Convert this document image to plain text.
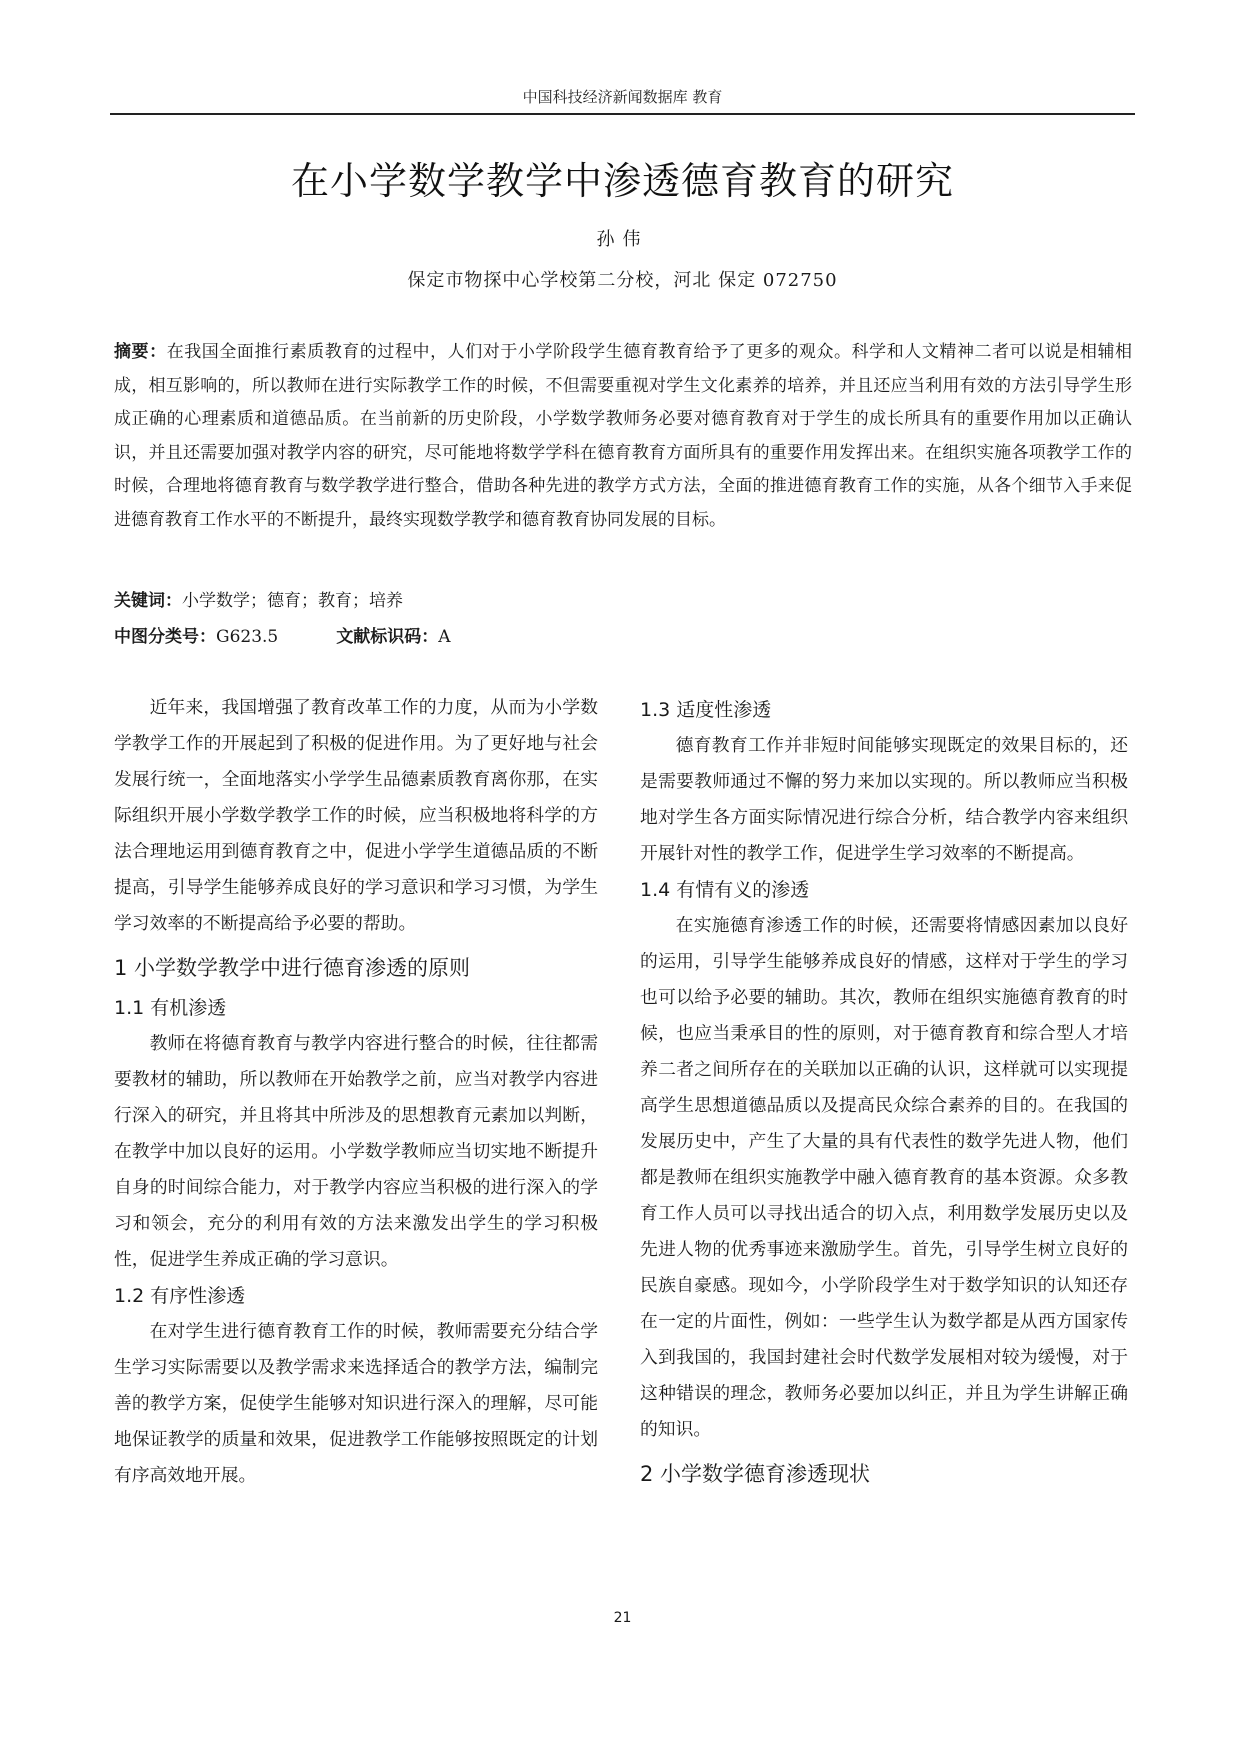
中国科技经济新闻数据库 教育
在小学数学教学中渗透德育教育的研究
孙伟
保定市物探中心学校第二分校，河北 保定 072750
摘要：在我国全面推行素质教育的过程中，人们对于小学阶段学生德育教育给予了更多的观众。科学和人文精神二者可以说是相辅相成，相互影响的，所以教师在进行实际教学工作的时候，不但需要重视对学生文化素养的培养，并且还应当利用有效的方法引导学生形成正确的心理素质和道德品质。在当前新的历史阶段，小学数学教师务必要对德育教育对于学生的成长所具有的重要作用加以正确认识，并且还需要加强对教学内容的研究，尽可能地将数学学科在德育教育方面所具有的重要作用发挥出来。在组织实施各项教学工作的时候，合理地将德育教育与数学教学进行整合，借助各种先进的教学方式方法，全面的推进德育教育工作的实施，从各个细节入手来促进德育教育工作水平的不断提升，最终实现数学教学和德育教育协同发展的目标。
关键词：小学数学；德育；教育；培养
中图分类号：G623.5	文献标识码：A

近年来，我国增强了教育改革工作的力度，从而为小学数学教学工作的开展起到了积极的促进作用。为了更好地与社会发展行统一，全面地落实小学学生品德素质教育离你那，在实际组织开展小学数学教学工作的时候，应当积极地将科学的方法合理地运用到德育教育之中，促进小学学生道德品质的不断提高，引导学生能够养成良好的学习意识和学习习惯，为学生学习效率的不断提高给予必要的帮助。

1 小学数学教学中进行德育渗透的原则
1.1 有机渗透

教师在将德育教育与教学内容进行整合的时候，往往都需要教材的辅助，所以教师在开始教学之前，应当对教学内容进行深入的研究，并且将其中所涉及的思想教育元素加以判断，在教学中加以良好的运用。小学数学教师应当切实地不断提升自身的时间综合能力，对于教学内容应当积极的进行深入的学习和领会，充分的利用有效的方法来激发出学生的学习积极性，促进学生养成正确的学习意识。

1.2 有序性渗透

在对学生进行德育教育工作的时候，教师需要充分结合学生学习实际需要以及教学需求来选择适合的教学方法，编制完善的教学方案，促使学生能够对知识进行深入的理解，尽可能地保证教学的质量和效果，促进教学工作能够按照既定的计划有序高效地开展。

1.3 适度性渗透

德育教育工作并非短时间能够实现既定的效果目标的，还是需要教师通过不懈的努力来加以实现的。所以教师应当积极地对学生各方面实际情况进行综合分析，结合教学内容来组织开展针对性的教学工作，促进学生学习效率的不断提高。

1.4 有情有义的渗透

在实施德育渗透工作的时候，还需要将情感因素加以良好的运用，引导学生能够养成良好的情感，这样对于学生的学习也可以给予必要的辅助。其次，教师在组织实施德育教育的时候，也应当秉承目的性的原则，对于德育教育和综合型人才培养二者之间所存在的关联加以正确的认识，这样就可以实现提高学生思想道德品质以及提高民众综合素养的目的。在我国的发展历史中，产生了大量的具有代表性的数学先进人物，他们都是教师在组织实施教学中融入德育教育的基本资源。众多教育工作人员可以寻找出适合的切入点，利用数学发展历史以及先进人物的优秀事迹来激励学生。首先，引导学生树立良好的民族自豪感。现如今，小学阶段学生对于数学知识的认知还存在一定的片面性，例如：一些学生认为数学都是从西方国家传入到我国的，我国封建社会时代数学发展相对较为缓慢，对于这种错误的理念，教师务必要加以纠正，并且为学生讲解正确的知识。

2 小学数学德育渗透现状
21
